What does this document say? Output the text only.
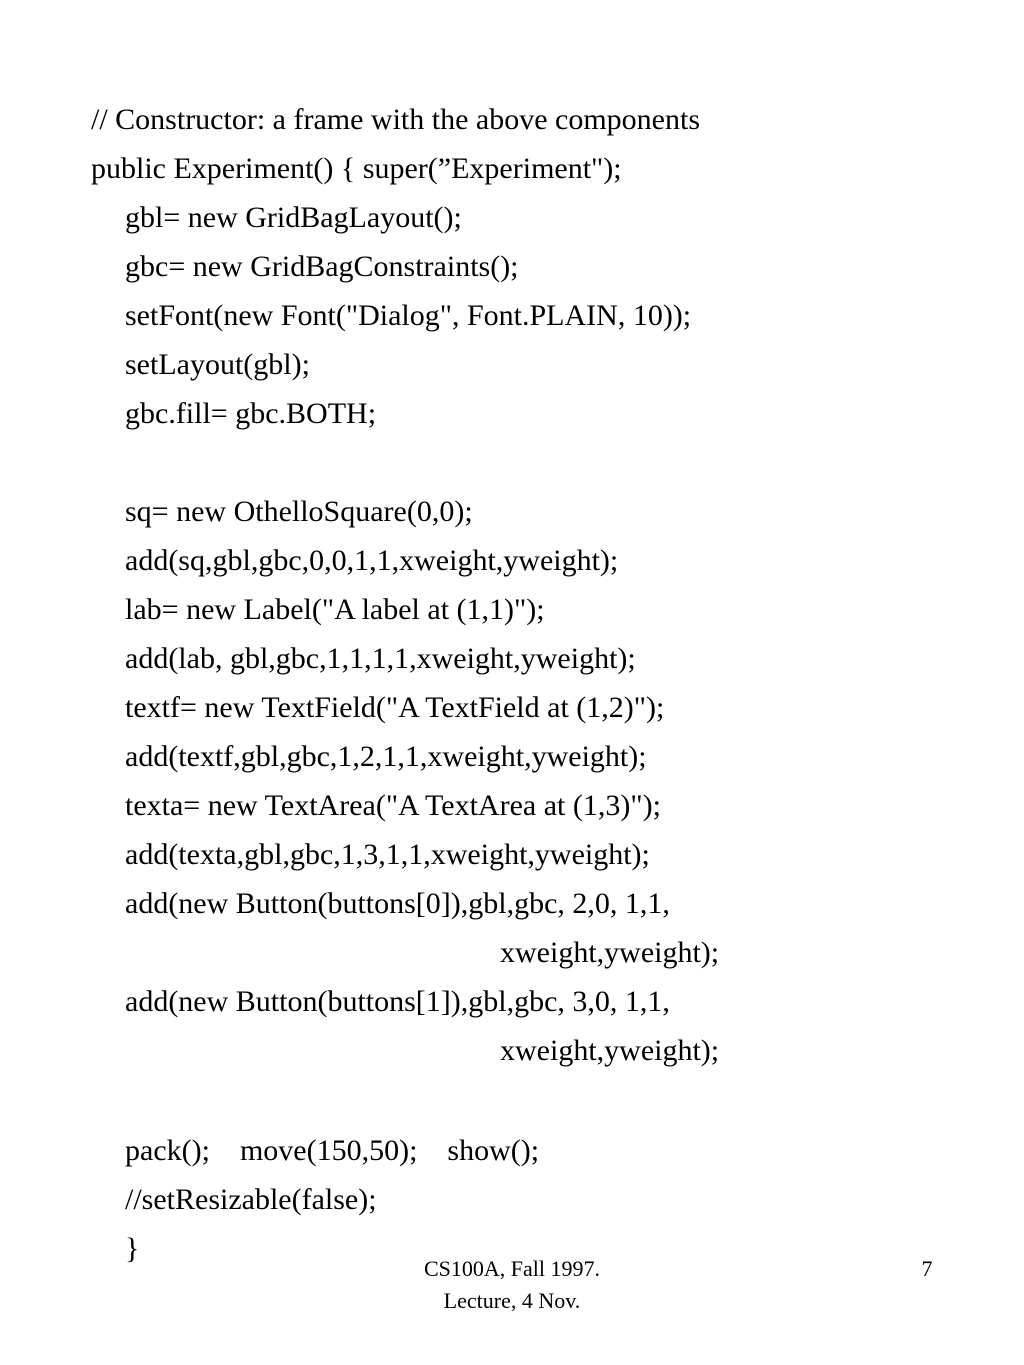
// Constructor: a frame with the above components

public Experiment() { super(”Experiment");

gbl= new GridBagLayout();

gbc= new GridBagConstraints();

setFont(new Font("Dialog", Font.PLAIN, 10));

setLayout(gbl);

gbc.fill= gbc.BOTH;

sq= new OthelloSquare(0,0);

add(sq,gbl,gbc,0,0,1,1,xweight,yweight);

lab= new Label("A label at (1,1)");

add(lab, gbl,gbc,1,1,1,1,xweight,yweight);

textf= new TextField("A TextField at (1,2)");

add(textf,gbl,gbc,1,2,1,1,xweight,yweight);

texta= new TextArea("A TextArea at (1,3)");

add(texta,gbl,gbc,1,3,1,1,xweight,yweight);

add(new Button(buttons[0]),gbl,gbc, 2,0, 1,1,

xweight,yweight);

add(new Button(buttons[1]),gbl,gbc, 3,0, 1,1,

xweight,yweight);

pack();    move(150,50);    show();

//setResizable(false);

}

CS100A, Fall 1997.
Lecture, 4 Nov.
7
